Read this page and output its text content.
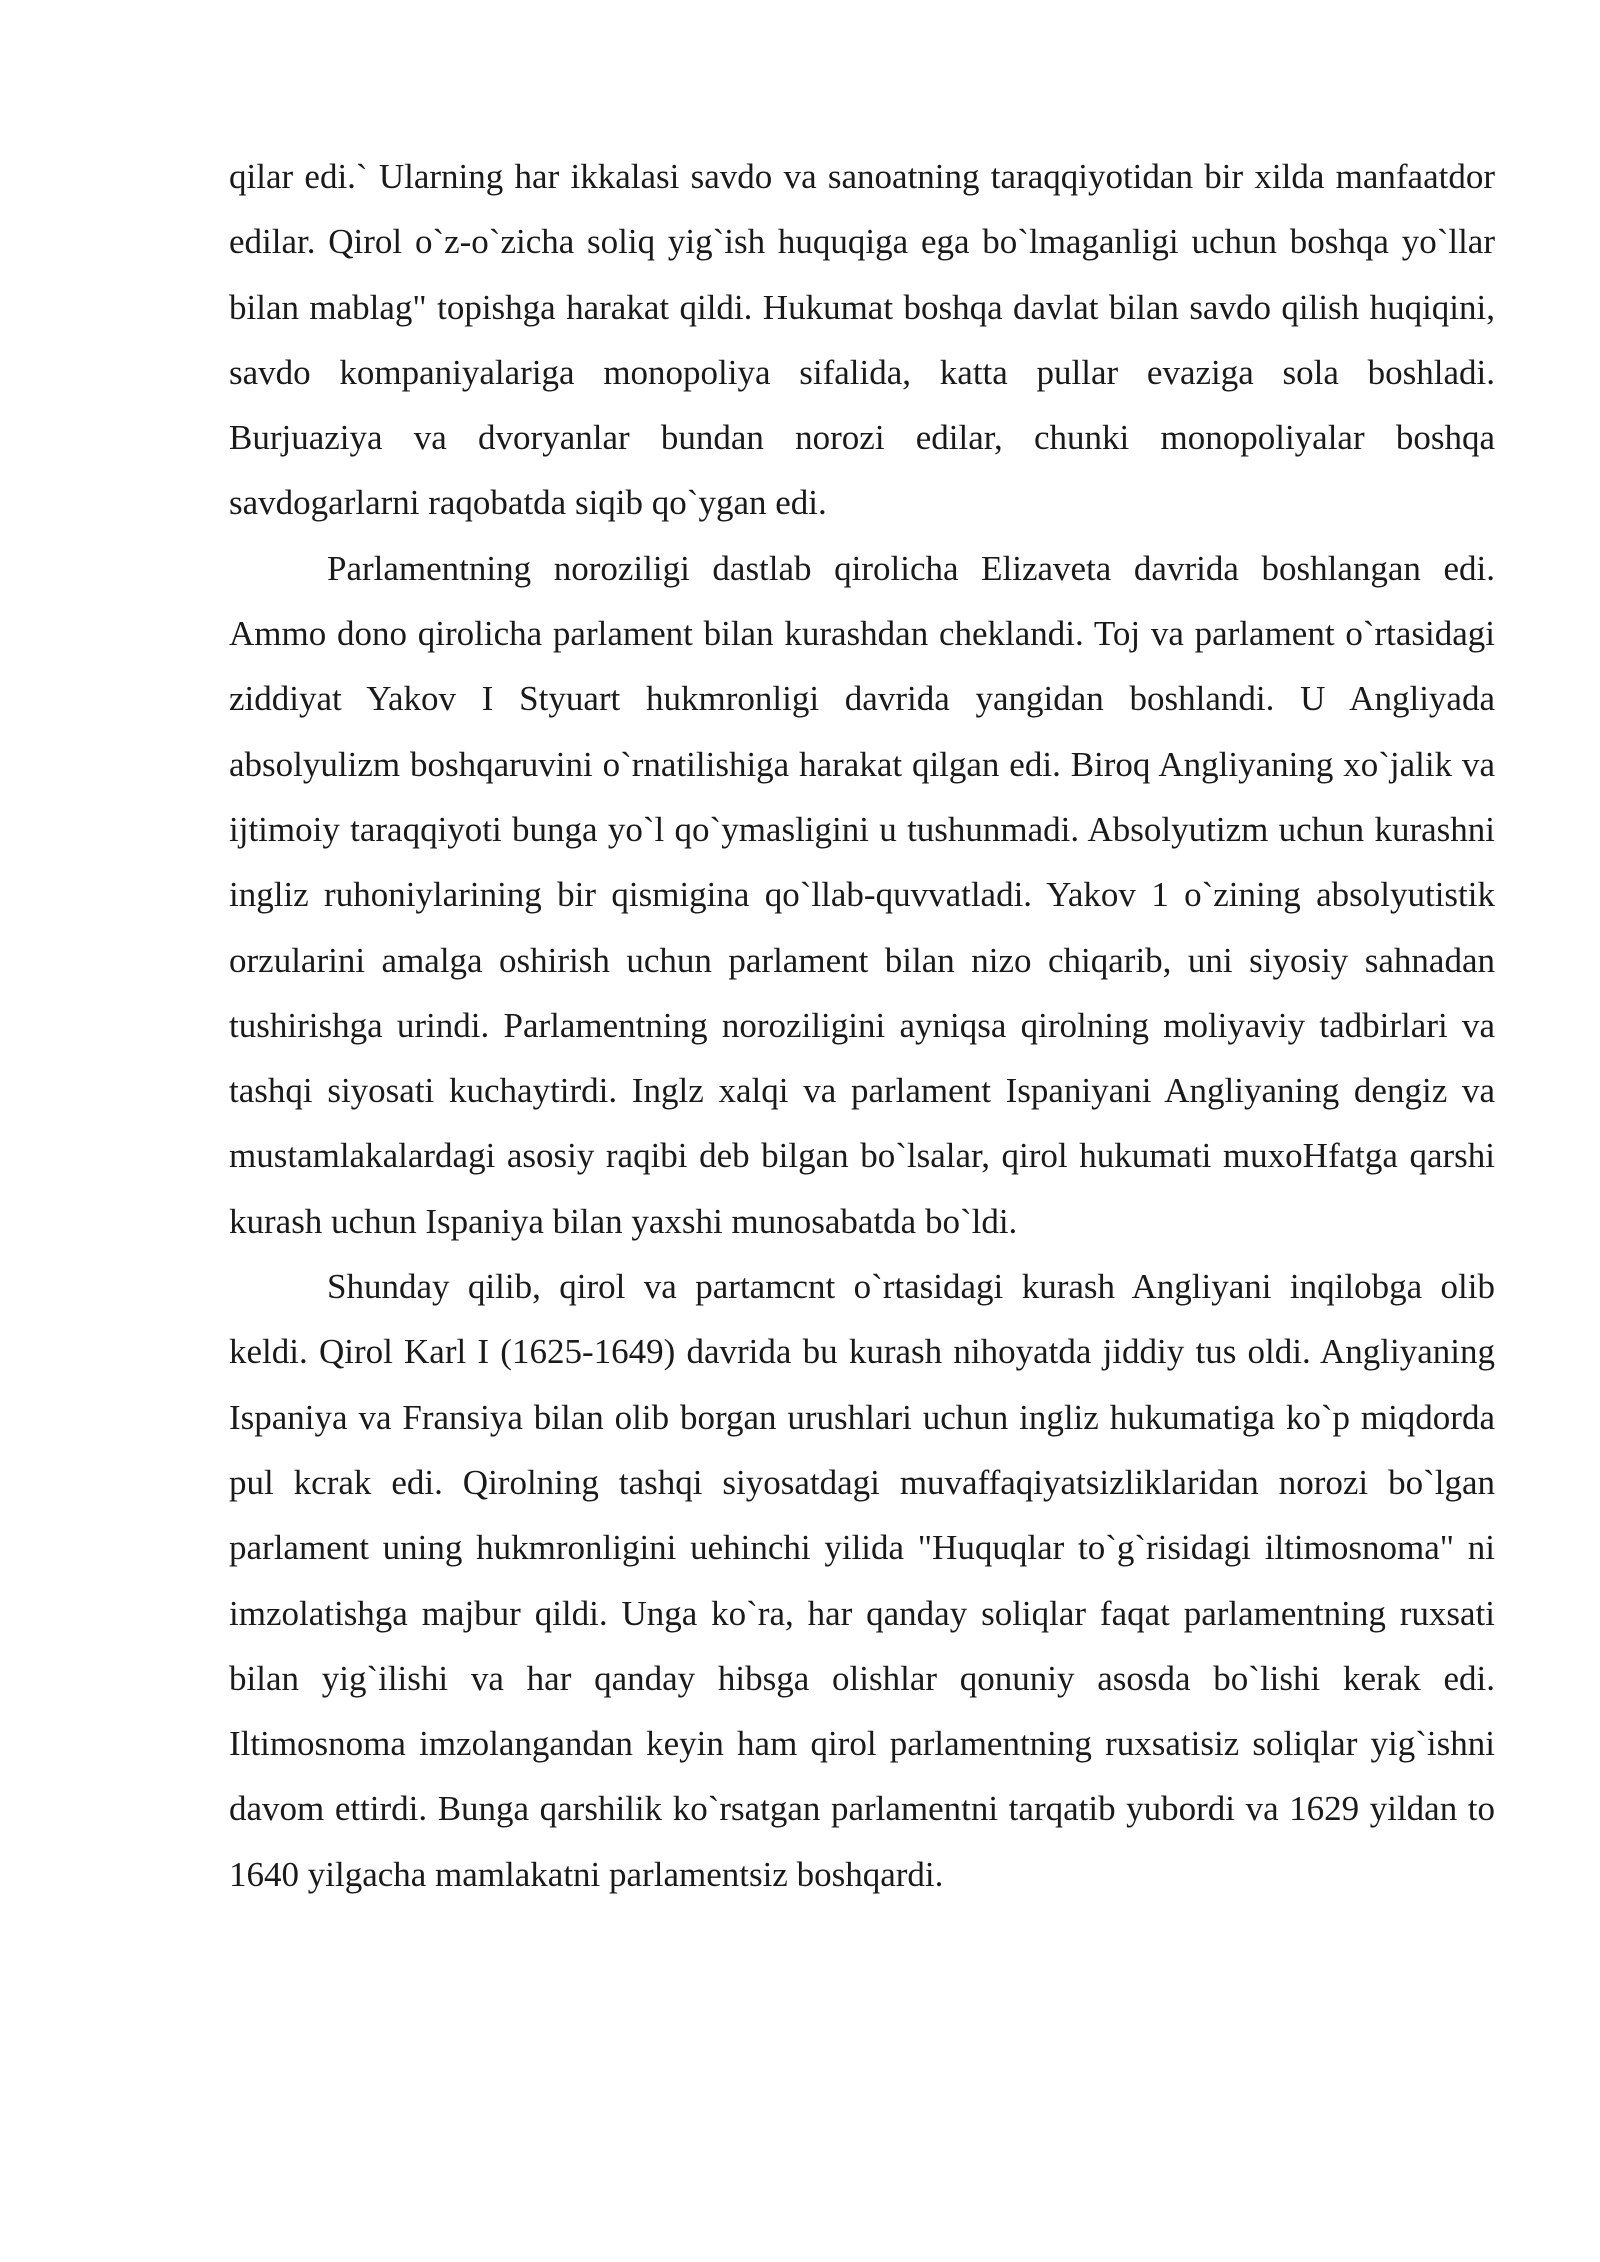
qilar edi.` Ularning har ikkalasi savdo va sanoatning taraqqiyotidan bir xilda manfaatdor edilar. Qirol o`z-o`zicha soliq yig`ish huquqiga ega bo`lmaganligi uchun boshqa yo`llar bilan mablag" topishga harakat qildi. Hukumat boshqa davlat bilan savdo qilish huqiqini, savdo kompaniyalariga monopoliya sifalida, katta pullar evaziga sola boshladi. Burjuaziya va dvoryanlar bundan norozi edilar, chunki monopoliyalar boshqa savdogarlarni raqobatda siqib qo`ygan edi.

Parlamentning noroziligi dastlab qirolicha Elizaveta davrida boshlangan edi. Ammo dono qirolicha parlament bilan kurashdan cheklandi. Toj va parlament o`rtasidagi ziddiyat Yakov I Styuart hukmronligi davrida yangidan boshlandi. U Angliyada absolyulizm boshqaruvini o`rnatilishiga harakat qilgan edi. Biroq Angliyaning xo`jalik va ijtimoiy taraqqiyoti bunga yo`l qo`ymasligini u tushunmadi. Absolyutizm uchun kurashni ingliz ruhoniylarining bir qismigina qo`llab-quvvatladi. Yakov 1 o`zining absolyutistik orzularini amalga oshirish uchun parlament bilan nizo chiqarib, uni siyosiy sahnadan tushirishga urindi. Parlamentning noroziligini ayniqsa qirolning moliyaviy tadbirlari va tashqi siyosati kuchaytirdi. Inglz xalqi va parlament Ispaniyani Angliyaning dengiz va mustamlakalardagi asosiy raqibi deb bilgan bo`lsalar, qirol hukumati muxoHfatga qarshi kurash uchun Ispaniya bilan yaxshi munosabatda bo`ldi.

Shunday qilib, qirol va partamcnt o`rtasidagi kurash Angliyani inqilobga olib keldi. Qirol Karl I (1625-1649) davrida bu kurash nihoyatda jiddiy tus oldi. Angliyaning Ispaniya va Fransiya bilan olib borgan urushlari uchun ingliz hukumatiga ko`p miqdorda pul kcrak edi. Qirolning tashqi siyosatdagi muvaffaqiyatsizliklaridan norozi bo`lgan parlament uning hukmronligini uehinchi yilida "Huquqlar to`g`risidagi iltimosnoma" ni imzolatishga majbur qildi. Unga ko`ra, har qanday soliqlar faqat parlamentning ruxsati bilan yig`ilishi va har qanday hibsga olishlar qonuniy asosda bo`lishi kerak edi. Iltimosnoma imzolangandan keyin ham qirol parlamentning ruxsatisiz soliqlar yig`ishni davom ettirdi. Bunga qarshilik ko`rsatgan parlamentni tarqatib yubordi va 1629 yildan to 1640 yilgacha mamlakatni parlamentsiz boshqardi.
